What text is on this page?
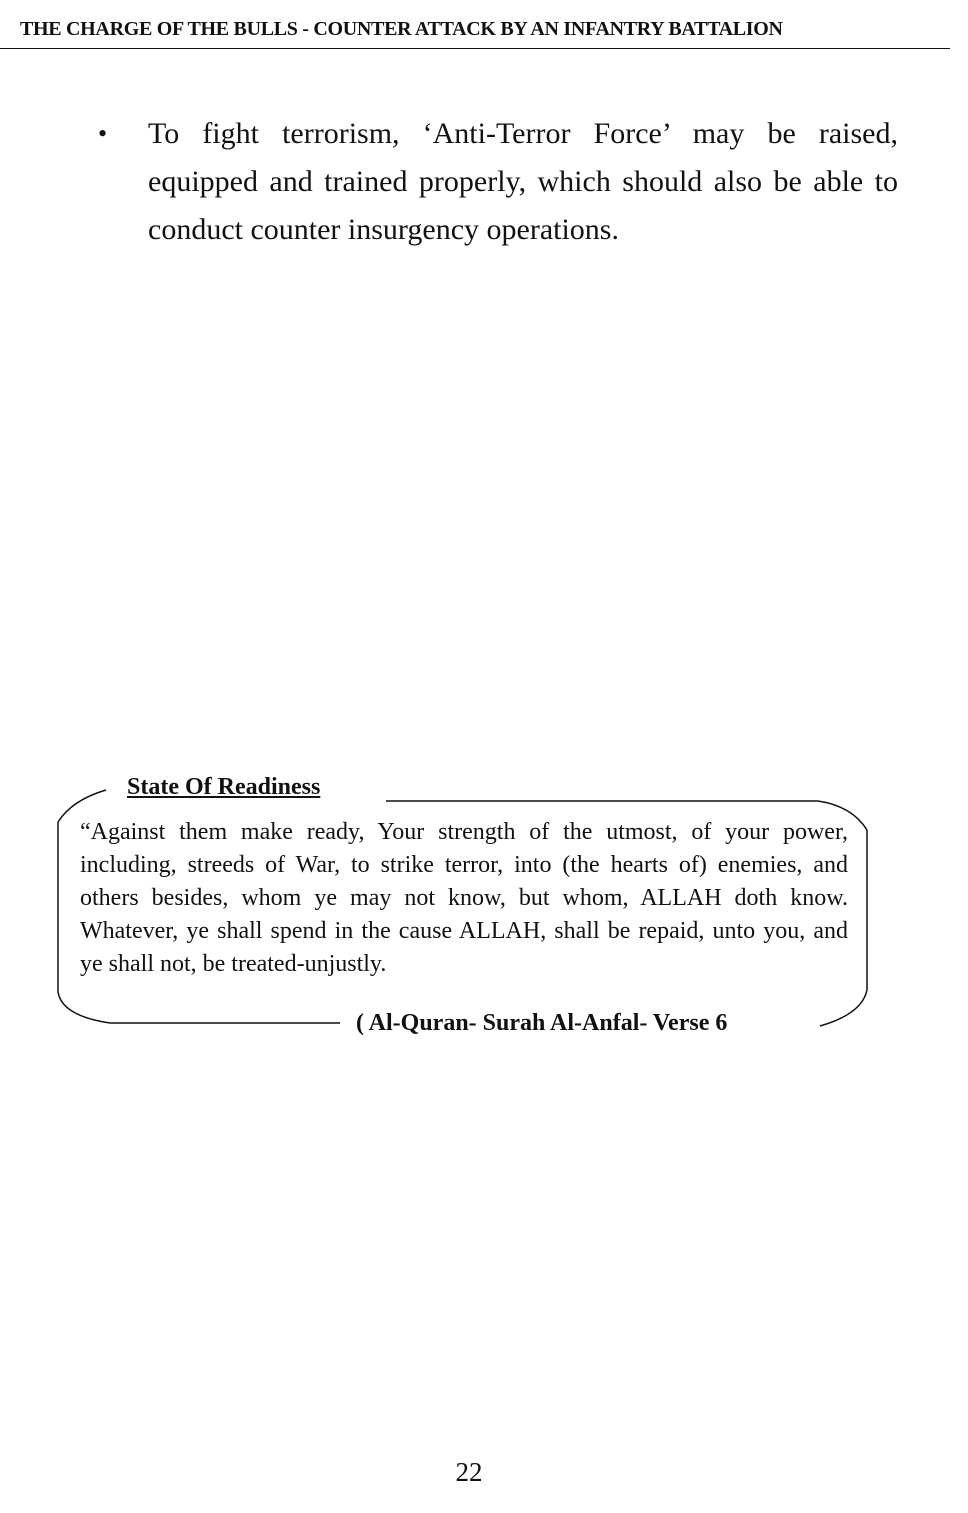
THE CHARGE OF THE BULLS - COUNTER ATTACK BY AN INFANTRY BATTALION
• To fight terrorism, ‘Anti-Terror Force’ may be raised, equipped and trained properly, which should also be able to conduct counter insurgency operations.
State Of Readiness
“Against them make ready, Your strength of the utmost, of your power, including, streeds of War, to strike terror, into (the hearts of) enemies, and others besides, whom ye may not know, but whom, ALLAH doth know. Whatever, ye shall spend in the cause ALLAH, shall be repaid, unto you, and ye shall not, be treated-unjustly.
( Al-Quran- Surah Al-Anfal- Verse 6
22
